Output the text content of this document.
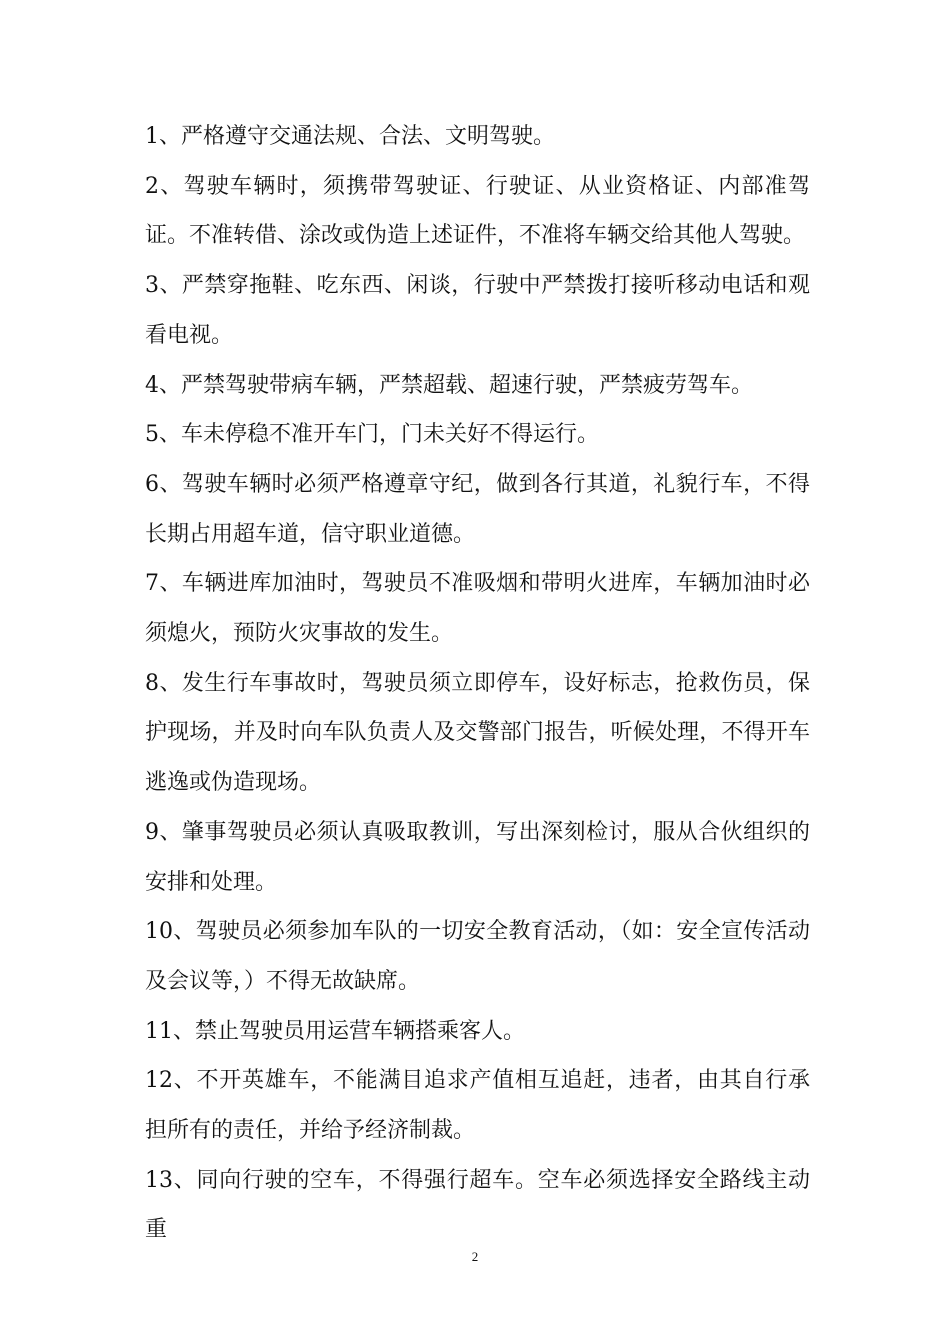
1、严格遵守交通法规、合法、文明驾驶。

2、驾驶车辆时，须携带驾驶证、行驶证、从业资格证、内部准驾证。不准转借、涂改或伪造上述证件，不准将车辆交给其他人驾驶。

3、严禁穿拖鞋、吃东西、闲谈，行驶中严禁拨打接听移动电话和观看电视。

4、严禁驾驶带病车辆，严禁超载、超速行驶，严禁疲劳驾车。

5、车未停稳不准开车门，门未关好不得运行。

6、驾驶车辆时必须严格遵章守纪，做到各行其道，礼貌行车，不得长期占用超车道，信守职业道德。

7、车辆进库加油时，驾驶员不准吸烟和带明火进库，车辆加油时必须熄火，预防火灾事故的发生。

8、发生行车事故时，驾驶员须立即停车，设好标志，抢救伤员，保护现场，并及时向车队负责人及交警部门报告，听候处理，不得开车逃逸或伪造现场。

9、肇事驾驶员必须认真吸取教训，写出深刻检讨，服从合伙组织的安排和处理。

10、驾驶员必须参加车队的一切安全教育活动，（如：安全宣传活动及会议等，）不得无故缺席。

11、禁止驾驶员用运营车辆搭乘客人。

12、不开英雄车，不能满目追求产值相互追赶，违者，由其自行承担所有的责任，并给予经济制裁。

13、同向行驶的空车，不得强行超车。空车必须选择安全路线主动重

2
